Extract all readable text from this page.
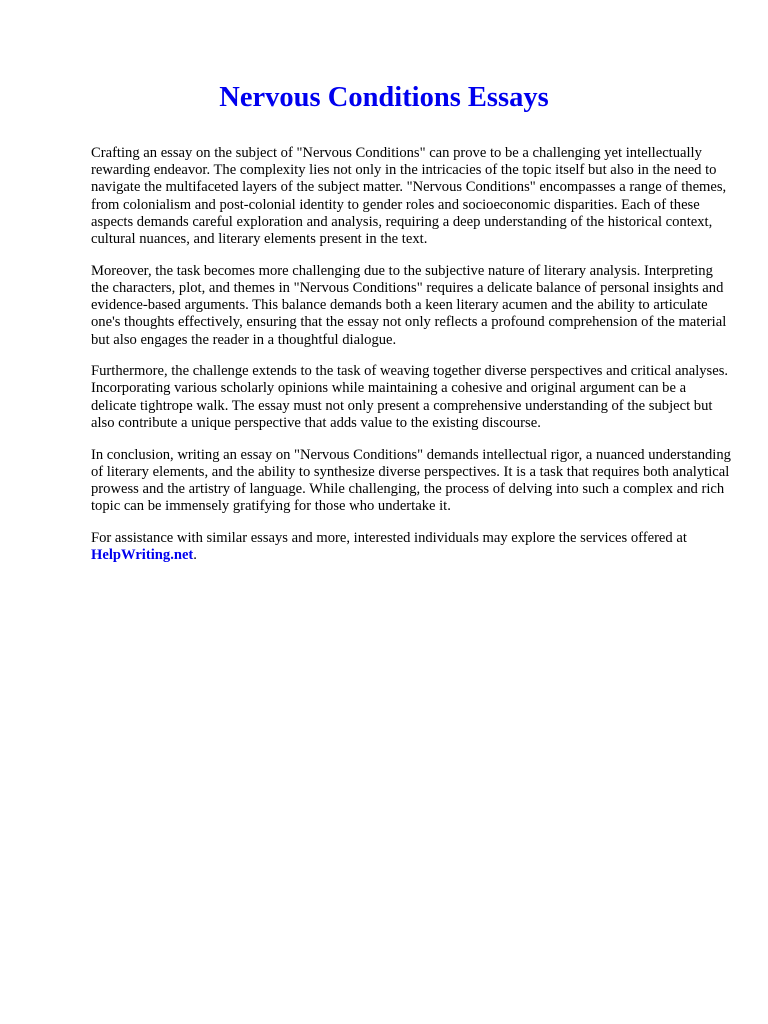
Nervous Conditions Essays

Crafting an essay on the subject of "Nervous Conditions" can prove to be a challenging yet intellectually rewarding endeavor. The complexity lies not only in the intricacies of the topic itself but also in the need to navigate the multifaceted layers of the subject matter. "Nervous Conditions" encompasses a range of themes, from colonialism and post-colonial identity to gender roles and socioeconomic disparities. Each of these aspects demands careful exploration and analysis, requiring a deep understanding of the historical context, cultural nuances, and literary elements present in the text.

Moreover, the task becomes more challenging due to the subjective nature of literary analysis. Interpreting the characters, plot, and themes in "Nervous Conditions" requires a delicate balance of personal insights and evidence-based arguments. This balance demands both a keen literary acumen and the ability to articulate one's thoughts effectively, ensuring that the essay not only reflects a profound comprehension of the material but also engages the reader in a thoughtful dialogue.

Furthermore, the challenge extends to the task of weaving together diverse perspectives and critical analyses. Incorporating various scholarly opinions while maintaining a cohesive and original argument can be a delicate tightrope walk. The essay must not only present a comprehensive understanding of the subject but also contribute a unique perspective that adds value to the existing discourse.

In conclusion, writing an essay on "Nervous Conditions" demands intellectual rigor, a nuanced understanding of literary elements, and the ability to synthesize diverse perspectives. It is a task that requires both analytical prowess and the artistry of language. While challenging, the process of delving into such a complex and rich topic can be immensely gratifying for those who undertake it.

For assistance with similar essays and more, interested individuals may explore the services offered at HelpWriting.net.
